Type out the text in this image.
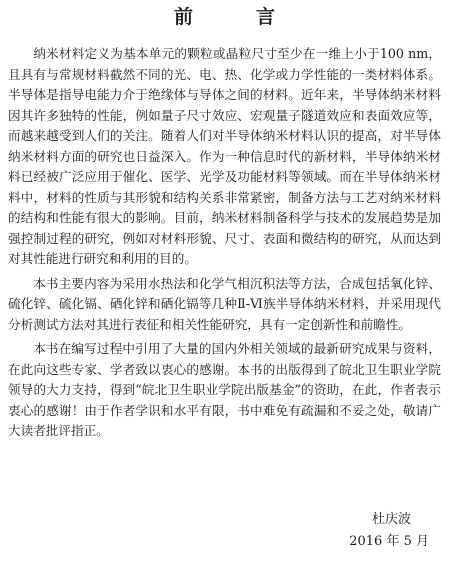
前　言

纳米材料定义为基本单元的颗粒或晶粒尺寸至少在一维上小于100 nm，且具有与常规材料截然不同的光、电、热、化学或力学性能的一类材料体系。半导体是指导电能力介于绝缘体与导体之间的材料。近年来，半导体纳米材料因其许多独特的性能，例如量子尺寸效应、宏观量子隧道效应和表面效应等，而越来越受到人们的关注。随着人们对半导体纳米材料认识的提高，对半导体纳米材料方面的研究也日益深入。作为一种信息时代的新材料，半导体纳米材料已经被广泛应用于催化、医学、光学及功能材料等领域。而在半导体纳米材料中，材料的性质与其形貌和结构关系非常紧密，制备方法与工艺对纳米材料的结构和性能有很大的影响。目前，纳米材料制备科学与技术的发展趋势是加强控制过程的研究，例如对材料形貌、尺寸、表面和微结构的研究，从而达到对其性能进行研究和利用的目的。

本书主要内容为采用水热法和化学气相沉积法等方法，合成包括氧化锌、硫化锌、硫化镉、硒化锌和硒化镉等几种Ⅱ-Ⅵ族半导体纳米材料，并采用现代分析测试方法对其进行表征和相关性能研究，具有一定创新性和前瞻性。

本书在编写过程中引用了大量的国内外相关领域的最新研究成果与资料，在此向这些专家、学者致以衷心的感谢。本书的出版得到了皖北卫生职业学院领导的大力支持，得到“皖北卫生职业学院出版基金”的资助，在此，作者表示衷心的感谢！由于作者学识和水平有限，书中难免有疏漏和不妥之处，敬请广大读者批评指正。

杜庆波
2016 年 5 月
